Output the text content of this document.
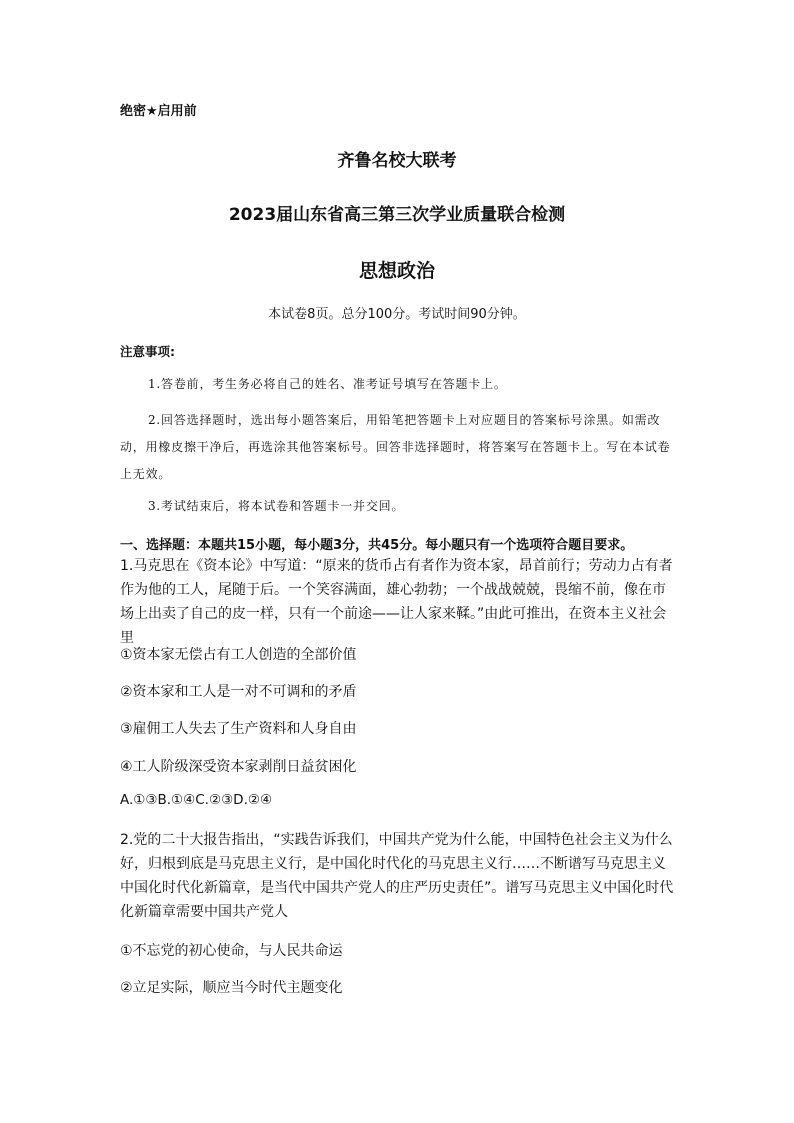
绝密★启用前
齐鲁名校大联考
2023届山东省高三第三次学业质量联合检测
思想政治
本试卷8页。总分100分。考试时间90分钟。
注意事项:
1.答卷前，考生务必将自己的姓名、准考证号填写在答题卡上。
2.回答选择题时，选出每小题答案后，用铅笔把答题卡上对应题目的答案标号涂黑。如需改动，用橡皮擦干净后，再选涂其他答案标号。回答非选择题时，将答案写在答题卡上。写在本试卷上无效。
3.考试结束后，将本试卷和答题卡一并交回。
一、选择题：本题共15小题，每小题3分，共45分。每小题只有一个选项符合题目要求。
1.马克思在《资本论》中写道：“原来的货币占有者作为资本家，昂首前行；劳动力占有者作为他的工人，尾随于后。一个笑容满面，雄心勃勃；一个战战兢兢，畏缩不前，像在市场上出卖了自己的皮一样，只有一个前途——让人家来鞣。”由此可推出，在资本主义社会里
①资本家无偿占有工人创造的全部价值
②资本家和工人是一对不可调和的矛盾
③雇佣工人失去了生产资料和人身自由
④工人阶级深受资本家剥削日益贫困化
A.①③B.①④C.②③D.②④
2.党的二十大报告指出，“实践告诉我们，中国共产党为什么能，中国特色社会主义为什么好，归根到底是马克思主义行，是中国化时代化的马克思主义行……不断谱写马克思主义中国化时代化新篇章，是当代中国共产党人的庄严历史责任”。谱写马克思主义中国化时代化新篇章需要中国共产党人
①不忘党的初心使命，与人民共命运
②立足实际，顺应当今时代主题变化
